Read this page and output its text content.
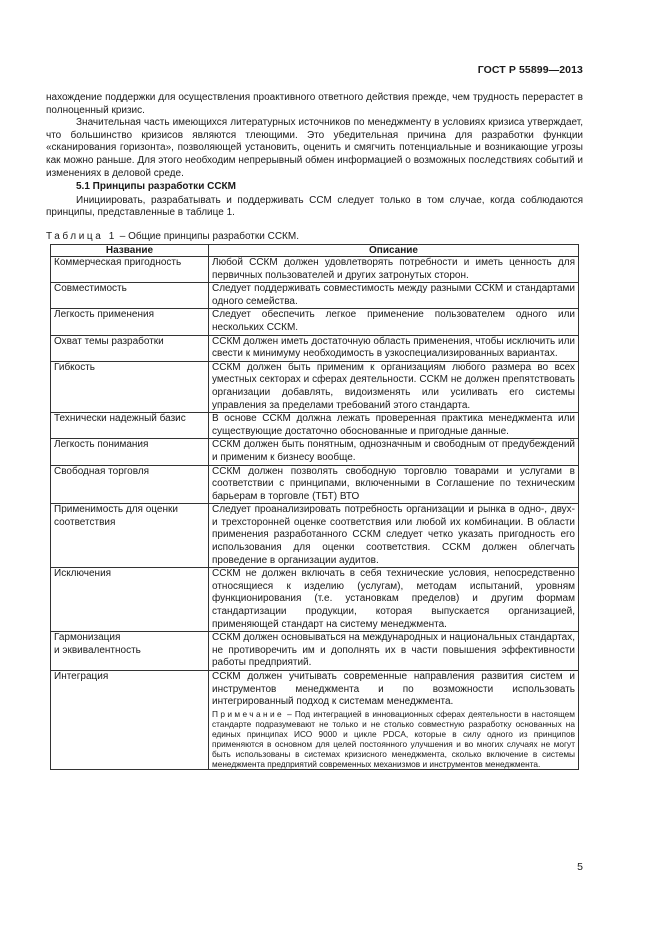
ГОСТ Р 55899—2013

нахождение поддержки для осуществления проактивного ответного действия прежде, чем трудность перерастет в полноценный кризис.

Значительная часть имеющихся литературных источников по менеджменту в условиях кризиса утверждает, что большинство кризисов являются тлеющими. Это убедительная причина для разработки функции «сканирования горизонта», позволяющей установить, оценить и смягчить потенциальные и возникающие угрозы как можно раньше. Для этого необходим непрерывный обмен информацией о возможных последствиях событий и изменениях в деловой среде.

5.1 Принципы разработки ССКМ

Инициировать, разрабатывать и поддерживать ССМ следует только в том случае, когда соблюдаются принципы, представленные в таблице 1.

Таблица 1 – Общие принципы разработки ССКМ.
Название	Описание
Коммерческая пригодность	Любой ССКМ должен удовлетворять потребности и иметь ценность для первичных пользователей и других затронутых сторон.
Совместимость	Следует поддерживать совместимость между разными ССКМ и стандартами одного семейства.
Легкость применения	Следует обеспечить легкое применение пользователем одного или нескольких ССКМ.
Охват темы разработки	ССКМ должен иметь достаточную область применения, чтобы исключить или свести к минимуму необходимость в узкоспециализированных вариантах.
Гибкость	ССКМ должен быть применим к организациям любого размера во всех уместных секторах и сферах деятельности. ССКМ не должен препятствовать организации добавлять, видоизменять или усиливать его системы управления за пределами требований этого стандарта.
Технически надежный базис	В основе ССКМ должна лежать проверенная практика менеджмента или существующие достаточно обоснованные и пригодные данные.
Легкость понимания	ССКМ должен быть понятным, однозначным и свободным от предубеждений и применим к бизнесу вообще.
Свободная торговля	ССКМ должен позволять свободную торговлю товарами и услугами в соответствии с принципами, включенными в Соглашение по техническим барьерам в торговле (ТБТ) ВТО
Применимость для оценки соответствия	Следует проанализировать потребность организации и рынка в одно-, двух- и трехсторонней оценке соответствия или любой их комбинации. В области применения разработанного ССКМ следует четко указать пригодность его использования для оценки соответствия. ССКМ должен облегчать проведение в организации аудитов.
Исключения	ССКМ не должен включать в себя технические условия, непосредственно относящиеся к изделию (услугам), методам испытаний, уровням функционирования (т.е. установкам пределов) и другим формам стандартизации продукции, которая выпускается организацией, применяющей стандарт на систему менеджмента.
Гармонизация
и эквивалентность	ССКМ должен основываться на международных и национальных стандартах, не противоречить им и дополнять их в части повышения эффективности работы предприятий.
Интеграция	ССКМ должен учитывать современные направления развития систем и инструментов менеджмента и по возможности использовать интегрированный подход к системам менеджмента.
Примечание – Под интеграцией в инновационных сферах деятельности в настоящем стандарте подразумевают не только и не столько совместную разработку основанных на единых принципах ИСО 9000 и цикле PDCA, которые в силу одного из принципов применяются в основном для целей постоянного улучшения и во многих случаях не могут быть использованы в системах кризисного менеджмента, сколько включение в системы менеджмента предприятий современных механизмов и инструментов менеджмента.
5
